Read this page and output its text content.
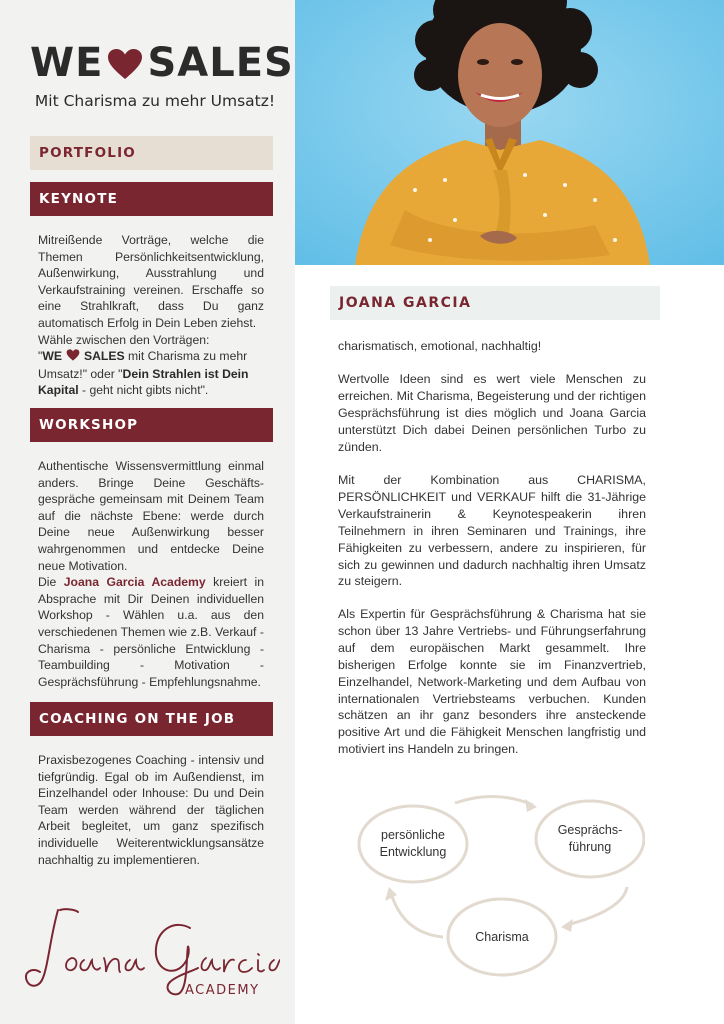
WE SALES
Mit Charisma zu mehr Umsatz!
PORTFOLIO
KEYNOTE

Mitreißende Vorträge, welche die Themen Persönlichkeitsentwicklung, Außenwirkung, Ausstrahlung und Verkaufstraining vereinen. Erschaffe so eine Strahlkraft, dass Du ganz automatisch Erfolg in Dein Leben ziehst.

Wähle zwischen den Vorträgen:

"WE SALES mit Charisma zu mehr Umsatz!" oder "Dein Strahlen ist Dein Kapital - geht nicht gibts nicht".

WORKSHOP

Authentische Wissensvermittlung einmal anders. Bringe Deine Geschäfts-gespräche gemeinsam mit Deinem Team auf die nächste Ebene: werde durch Deine neue Außenwirkung besser wahrgenommen und entdecke Deine neue Motivation.

Die Joana Garcia Academy kreiert in Absprache mit Dir Deinen individuellen Workshop - Wählen u.a. aus den verschiedenen Themen wie z.B. Verkauf - Charisma - persönliche Entwicklung - Teambuilding - Motivation - Gesprächsführung - Empfehlungsnahme.

COACHING ON THE JOB

Praxisbezogenes Coaching - intensiv und tiefgründig. Egal ob im Außendienst, im Einzelhandel oder Inhouse: Du und Dein Team werden während der täglichen Arbeit begleitet, um ganz spezifisch individuelle Weiterentwicklungsansätze nachhaltig zu implementieren.

ACADEMY
JOANA GARCIA

charismatisch, emotional, nachhaltig!

Wertvolle Ideen sind es wert viele Menschen zu erreichen. Mit Charisma, Begeisterung und der richtigen Gesprächsführung ist dies möglich und Joana Garcia unterstützt Dich dabei Deinen persönlichen Turbo zu zünden.

Mit der Kombination aus CHARISMA, PERSÖNLICHKEIT und VERKAUF hilft die 31-Jährige Verkaufstrainerin & Keynotespeakerin ihren Teilnehmern in ihren Seminaren und Trainings, ihre Fähigkeiten zu verbessern, andere zu inspirieren, für sich zu gewinnen und dadurch nachhaltig ihren Umsatz zu steigern.

Als Expertin für Gesprächsführung & Charisma hat sie schon über 13 Jahre Vertriebs- und Führungserfahrung auf dem europäischen Markt gesammelt. Ihre bisherigen Erfolge konnte sie im Finanzvertrieb, Einzelhandel, Network-Marketing und dem Aufbau von internationalen Vertriebsteams verbuchen. Kunden schätzen an ihr ganz besonders ihre ansteckende positive Art und die Fähigkeit Menschen langfristig und motiviert ins Handeln zu bringen.

persönliche
Entwicklung
Gesprächs-
führung
Charisma
